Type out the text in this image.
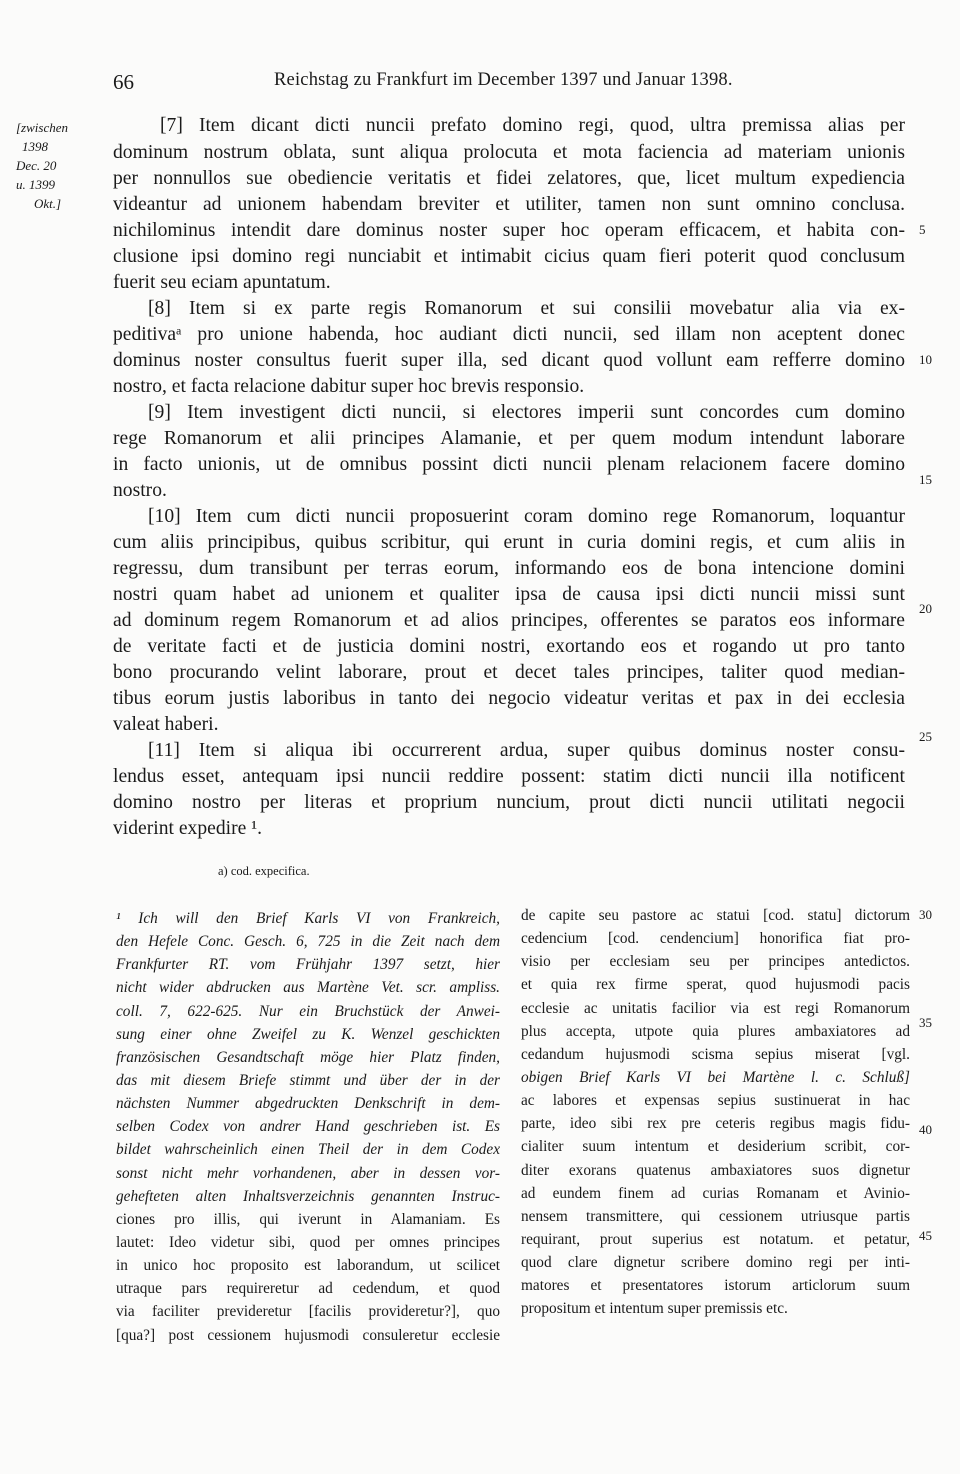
66	Reichstag zu Frankfurt im December 1397 und Januar 1398.
[zwischen
1398
Dec. 20
u. 1399
Okt.]
[7] Item dicant dicti nuncii prefato domino regi, quod, ultra premissa alias per
dominum nostrum oblata, sunt aliqua prolocuta et mota faciencia ad materiam unionis
per nonnullos sue obediencie veritatis et fidei zelatores, que, licet multum expediencia
videantur ad unionem habendam breviter et utiliter, tamen non sunt omnino conclusa.
nichilominus intendit dare dominus noster super hoc operam efficacem, et habita con-
clusione ipsi domino regi nunciabit et intimabit cicius quam fieri poterit quod conclusum
fuerit seu eciam apuntatum.
[8] Item si ex parte regis Romanorum et sui consilii movebatur alia via ex-
peditivaᵃ pro unione habenda, hoc audiant dicti nuncii, sed illam non aceptent donec
dominus noster consultus fuerit super illa, sed dicant quod vollunt eam refferre domino
nostro, et facta relacione dabitur super hoc brevis responsio.
[9] Item investigent dicti nuncii, si electores imperii sunt concordes cum domino
rege Romanorum et alii principes Alamanie, et per quem modum intendunt laborare
in facto unionis, ut de omnibus possint dicti nuncii plenam relacionem facere domino
nostro.
[10] Item cum dicti nuncii proposuerint coram domino rege Romanorum, loquantur
cum aliis principibus, quibus scribitur, qui erunt in curia domini regis, et cum aliis in
regressu, dum transibunt per terras eorum, informando eos de bona intencione domini
nostri quam habet ad unionem et qualiter ipsa de causa ipsi dicti nuncii missi sunt
ad dominum regem Romanorum et ad alios principes, offerentes se paratos eos informare
de veritate facti et de justicia domini nostri, exortando eos et rogando ut pro tanto
bono procurando velint laborare, prout et decet tales principes, taliter quod median-
tibus eorum justis laboribus in tanto dei negocio videatur veritas et pax in dei ecclesia
valeat haberi.
[11] Item si aliqua ibi occurrerent ardua, super quibus dominus noster consu-
lendus esset, antequam ipsi nuncii reddire possent: statim dicti nuncii illa notificent
domino nostro per literas et proprium nuncium, prout dicti nuncii utilitati negocii
viderint expedire ¹.
5
10
15
20
25
30
35
40
45
a) cod. expecifica.
¹ Ich will den Brief Karls VI von Frankreich,
den Hefele Conc. Gesch. 6, 725 in die Zeit nach dem
Frankfurter RT. vom Frühjahr 1397 setzt, hier
nicht wider abdrucken aus Martène Vet. scr. ampliss.
coll. 7, 622-625. Nur ein Bruchstück der Anwei-
sung einer ohne Zweifel zu K. Wenzel geschickten
französischen Gesandtschaft möge hier Platz finden,
das mit diesem Briefe stimmt und über der in der
nächsten Nummer abgedruckten Denkschrift in dem-
selben Codex von andrer Hand geschrieben ist. Es
bildet wahrscheinlich einen Theil der in dem Codex
sonst nicht mehr vorhandenen, aber in dessen vor-
gehefteten alten Inhaltsverzeichnis genannten Instruc-
ciones pro illis, qui iverunt in Alamaniam. Es
lautet: Ideo videtur sibi, quod per omnes principes
in unico hoc proposito est laborandum, ut scilicet
utraque pars requireretur ad cedendum, et quod
via faciliter previderetur [facilis provideretur?], quo
[qua?] post cessionem hujusmodi consuleretur ecclesie
de capite seu pastore ac statui [cod. statu] dictorum
cedencium [cod. cendencium] honorifica fiat pro-
visio per ecclesiam seu per principes antedictos.
et quia rex firme sperat, quod hujusmodi pacis
ecclesie ac unitatis facilior via est regi Romanorum
plus accepta, utpote quia plures ambaxiatores ad
cedandum hujusmodi scisma sepius miserat [vgl.
obigen Brief Karls VI bei Martène l. c. Schluß]
ac labores et expensas sepius sustinuerat in hac
parte, ideo sibi rex pre ceteris regibus magis fidu-
cialiter suum intentum et desiderium scribit, cor-
diter exorans quatenus ambaxiatores suos dignetur
ad eundem finem ad curias Romanam et Avinio-
nensem transmittere, qui cessionem utriusque partis
requirant, prout superius est notatum. et petatur,
quod clare dignetur scribere domino regi per inti-
matores et presentatores istorum articlorum suum
propositum et intentum super premissis etc.
